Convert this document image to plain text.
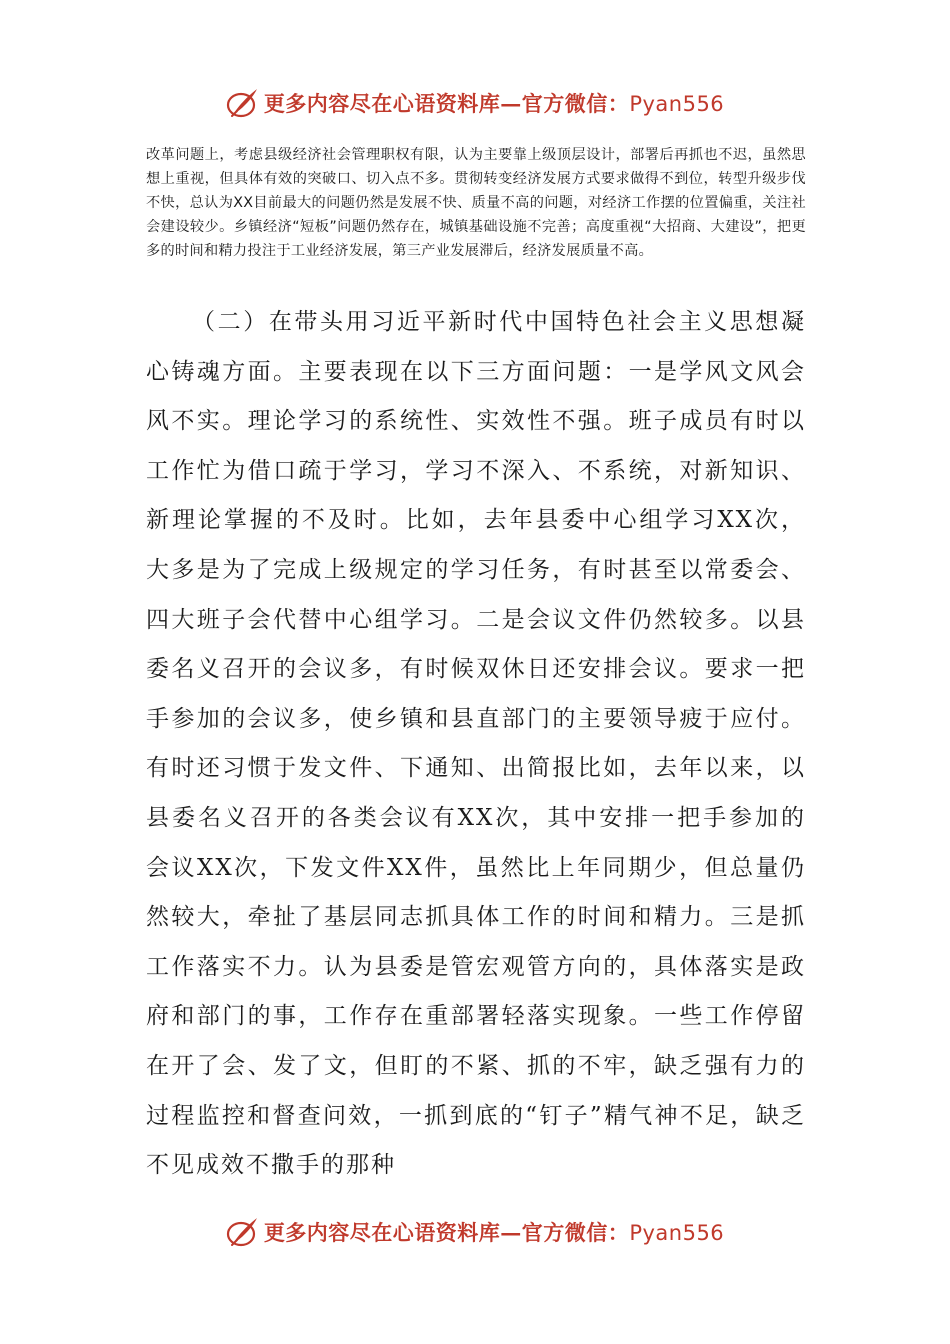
更多内容尽在心语资料库—官方微信：Pyan556

改革问题上，考虑县级经济社会管理职权有限，认为主要靠上级顶层设计，部署后再抓也不迟，虽然思想上重视，但具体有效的突破口、切入点不多。贯彻转变经济发展方式要求做得不到位，转型升级步伐不快，总认为XX目前最大的问题仍然是发展不快、质量不高的问题，对经济工作摆的位置偏重，关注社会建设较少。乡镇经济“短板”问题仍然存在，城镇基础设施不完善；高度重视“大招商、大建设”，把更多的时间和精力投注于工业经济发展，第三产业发展滞后，经济发展质量不高。

（二）在带头用习近平新时代中国特色社会主义思想凝心铸魂方面。主要表现在以下三方面问题：一是学风文风会风不实。理论学习的系统性、实效性不强。班子成员有时以工作忙为借口疏于学习，学习不深入、不系统，对新知识、新理论掌握的不及时。比如，去年县委中心组学习XX次，大多是为了完成上级规定的学习任务，有时甚至以常委会、四大班子会代替中心组学习。二是会议文件仍然较多。以县委名义召开的会议多，有时候双休日还安排会议。要求一把手参加的会议多，使乡镇和县直部门的主要领导疲于应付。有时还习惯于发文件、下通知、出简报比如，去年以来，以县委名义召开的各类会议有XX次，其中安排一把手参加的会议XX次，下发文件XX件，虽然比上年同期少，但总量仍然较大，牵扯了基层同志抓具体工作的时间和精力。三是抓工作落实不力。认为县委是管宏观管方向的，具体落实是政府和部门的事，工作存在重部署轻落实现象。一些工作停留在开了会、发了文，但盯的不紧、抓的不牢，缺乏强有力的过程监控和督查问效，一抓到底的“钉子”精气神不足，缺乏不见成效不撒手的那种

更多内容尽在心语资料库—官方微信：Pyan556
